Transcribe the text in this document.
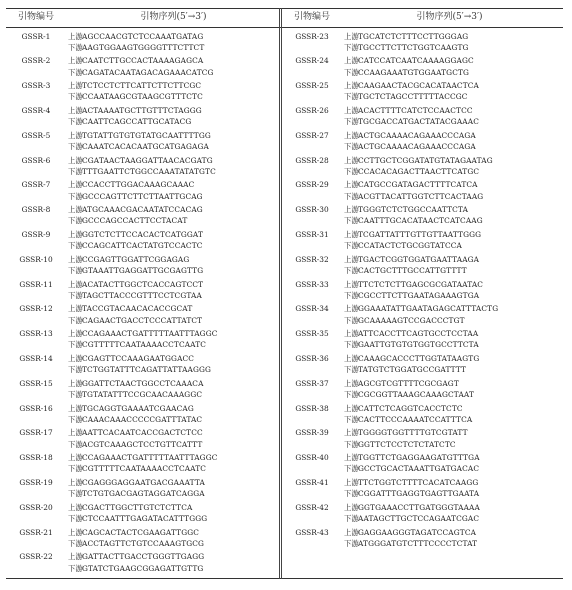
引物编号	引物序列(5′→3′)
GSSR-1	上游AGCCAACGTCTCCAAATGATAG
下游AAGTGGAAGTGGGGTTTCTTCT
GSSR-2	上游CAATCTTGCCACTAAAAGAGCA
下游CAGATACAATAGACAGAAACATCG
GSSR-3	上游TCTCCTCTTCATTCTTCTTCGC
下游CCAATAAGCGTAAGCGTTTCTC
GSSR-4	上游ACTAAAATGCTTGTTTCTAGGG
下游CAATTCAGCCATTGCATACG
GSSR-5	上游TGTATTGTGTGTATGCAATTTTGG
下游CAAATCACACAATGCATGAGAGA
GSSR-6	上游CGATAACTAAGGATTAACACGATG
下游TTTGAATTCTGGCCAAATATATGTC
GSSR-7	上游CCACCTTGGACAAAGCAAAC
下游GCCCAGTTCTTCTTAATTGCAG
GSSR-8	上游ATGCAAACGACAATATCCACAG
下游GCCCAGCCACTTCCTACAT
GSSR-9	上游GGTCTCTTCCACACTCATGGAT
下游CCAGCATTCACTATGTCCACTC
GSSR-10	上游CCGAGTTGGATTCGGAGAG
下游GTAAATTGAGGATTGCGAGTTG
GSSR-11	上游ACATACTTGGCTCACCAGTCCT
下游TAGCTTACCCGTTTCCTCGTAA
GSSR-12	上游TACCGTACAACACACCGCAT
下游CAGAACTGACCTCCCATTATCT
GSSR-13	上游CCAGAAACTGATTTTTAATTTAGGC
下游CGTTTTTCAATAAAACCTCAATC
GSSR-14	上游CGAGTTCCAAAGAATGGACC
下游TCTGGTATTTCAGATTATTAAGGG
GSSR-15	上游GGATTCTAACTGGCCTCAAACA
下游TGTATATTTCCGCAACAAAGGC
GSSR-16	上游TGCAGGTGAAAATCGAACAG
下游CAAACAAACCCCCGATTTATAC
GSSR-17	上游AATTCACAATCACCGACTCTCC
下游ACGTCAAAGCTCCTGTTCATTT
GSSR-18	上游CCAGAAACTGATTTTTAATTTAGGC
下游CGTTTTTCAATAAAACCTCAATC
GSSR-19	上游CGAGGGAGGAATGACGAAATTA
下游TCTGTGACGAGTAGGATCAGGA
GSSR-20	上游CGACTTGGCTTGTCTCTTCA
下游CTCCAATTTGAGATACATTTGGG
GSSR-21	上游CAGCACTACTCGAAGATTGGC
下游ACCTAGTTCTGTCCAAAGTGCG
GSSR-22	上游GATTACTTGACCTGGGTTGAGG
下游GTATCTGAAGCGGAGATTGTTG
引物编号	引物序列(5′→3′)
GSSR-23	上游TGCATCTCTTTCCTTGGGAG
下游TGCCTTCTTCTGGTCAAGTG
GSSR-24	上游CATCCATCAATCAAAAGGAGC
下游CCAAGAAATGTGGAATGCTG
GSSR-25	上游CAAGAACTACGCACATAACTCA
下游TGCTCTAGCCTTTTTACCGC
GSSR-26	上游ACACTTTTCATCTCCAACTCC
下游TGCGACCATGACTATACGAAAC
GSSR-27	上游ACTGCAAAACAGAAACCCAGA
下游ACTGCAAAACAGAAACCCAGA
GSSR-28	上游CCTTGCTCGGATATGTATAGAATAG
下游CCACACAGACTTAACTTCATGC
GSSR-29	上游CATGCCGATAGACTTTTCATCA
下游ACGTTACATTGGTCTTCACTAAG
GSSR-30	上游TGGGTCTCTGGCCAATTCTA
下游CAATTTGCACATAACTCATCAAG
GSSR-31	上游TCGATTATTTGTTGTTAATTGGG
下游CCATACTCTGCGGTATCCA
GSSR-32	上游TGACTCGGTGGATGAATTAAGA
下游CACTGCTTTGCCATTGTTTT
GSSR-33	上游TTCTCTCTTGAGCGCGATAATAC
下游CGCCTTCTTGAATAGAAAGTGA
GSSR-34	上游GGAAATATTGAATAGAGCATTTACTG
下游GCAAAAAGTCCGACCCTGT
GSSR-35	上游ATTCACCTTCAGTGCCTCCTAA
下游GAATTGTGTGTGGTGCCTTCTA
GSSR-36	上游CAAAGCACCCTTGGTATAAGTG
下游TATGTCTGGATGCCGATTTT
GSSR-37	上游AGCGTCGTTTTCGCGAGT
下游CGCGGTTAAAGCAAAGCTAAT
GSSR-38	上游CATTCTCAGGTCACCTCTC
下游CACTTCCCAAAATCCATTTCA
GSSR-39	上游TGGGGTGGTTTTGTCGTATT
下游GGTTCTCCTCTCTATCTC
GSSR-40	上游TGGTTCTGAGGAAGATGTTTGA
下游GCCTGCACTAAATTGATGACAC
GSSR-41	上游TTCTGGTCTTTTCACATCAAGG
下游CGGATTTGAGGTGAGTTGAATA
GSSR-42	上游GGTGAAACCTTGATGGGTAAAA
下游AATAGCTTGCTCCAGAATCGAC
GSSR-43	上游GAGGAAGGGTAGATCCAGTCA
下游ATGGGATGTCTTTCCCCTCTAT
